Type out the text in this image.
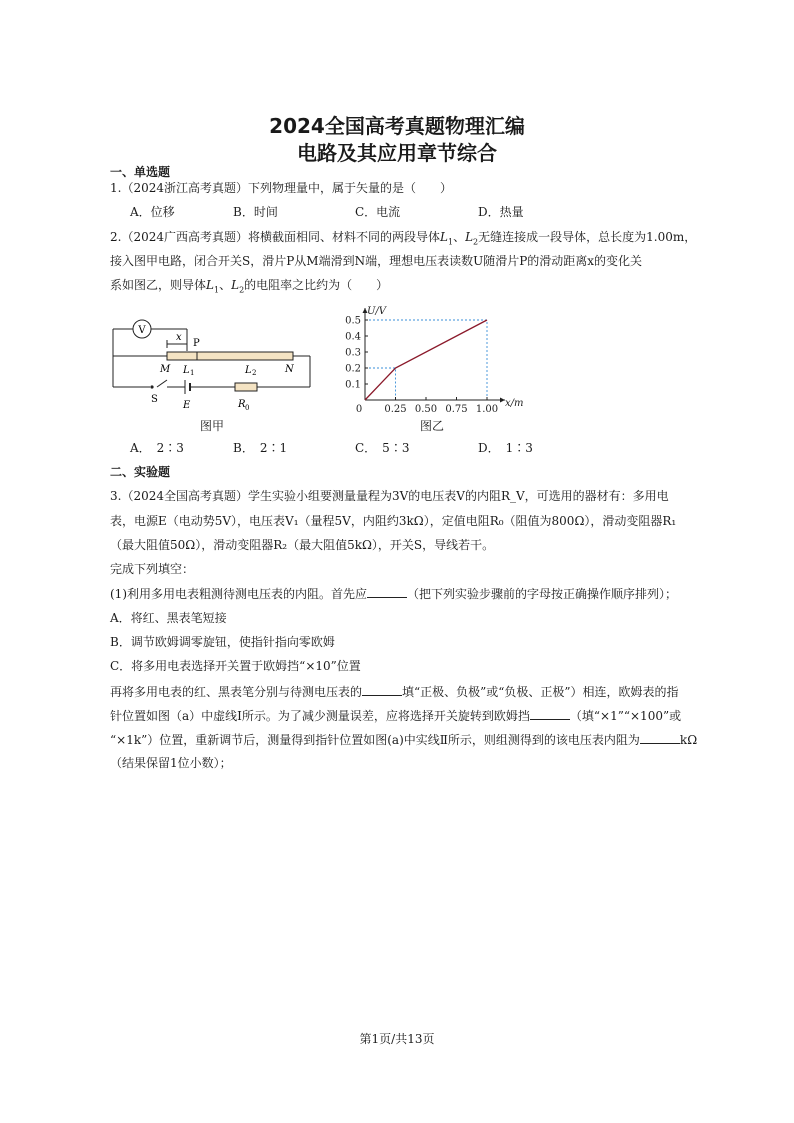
2024全国高考真题物理汇编
电路及其应用章节综合
一、单选题
1.（2024浙江高考真题）下列物理量中，属于矢量的是（　　）
A．位移	B．时间	C．电流	D．热量
2.（2024广西高考真题）将横截面相同、材料不同的两段导体$L_1$、$L_2$无缝连接成一段导体，总长度为1.00m，
接入图甲电路，闭合开关S，滑片P从M端滑到N端，理想电压表读数U随滑片P的滑动距离x的变化关
系如图乙，则导体$L_1$、$L_2$的电阻率之比约为（　　）
V
x
P
M L 1	L 2	N
S
E	R 0
图甲
0.1
0.2
0.3
0.4
0.5
0 0.25 0.50 0.75 1.00
U/V
x/m
图乙
A．　2∶3	B．　2∶1	C．　5∶3	D．　1∶3
二、实验题
3.（2024全国高考真题）学生实验小组要测量量程为3V的电压表V的内阻R_V，可选用的器材有：多用电
表，电源E（电动势5V），电压表V₁（量程5V，内阻约3kΩ），定值电阻R₀（阻值为800Ω），滑动变阻器R₁
（最大阻值50Ω），滑动变阻器R₂（最大阻值5kΩ），开关S，导线若干。
完成下列填空：
(1)利用多用电表粗测待测电压表的内阻。首先应	（把下列实验步骤前的字母按正确操作顺序排列）；
A．将红、黑表笔短接
B．调节欧姆调零旋钮，使指针指向零欧姆
C．将多用电表选择开关置于欧姆挡“×10”位置
再将多用电表的红、黑表笔分别与待测电压表的	填“正极、负极”或“负极、正极”）相连，欧姆表的指
针位置如图（a）中虚线Ⅰ所示。为了减少测量误差，应将选择开关旋转到欧姆挡	（填“×1”“×100”或
“×1k”）位置，重新调节后，测量得到指针位置如图(a)中实线Ⅱ所示，则组测得到的该电压表内阻为	kΩ
（结果保留1位小数）；
第1页/共13页
